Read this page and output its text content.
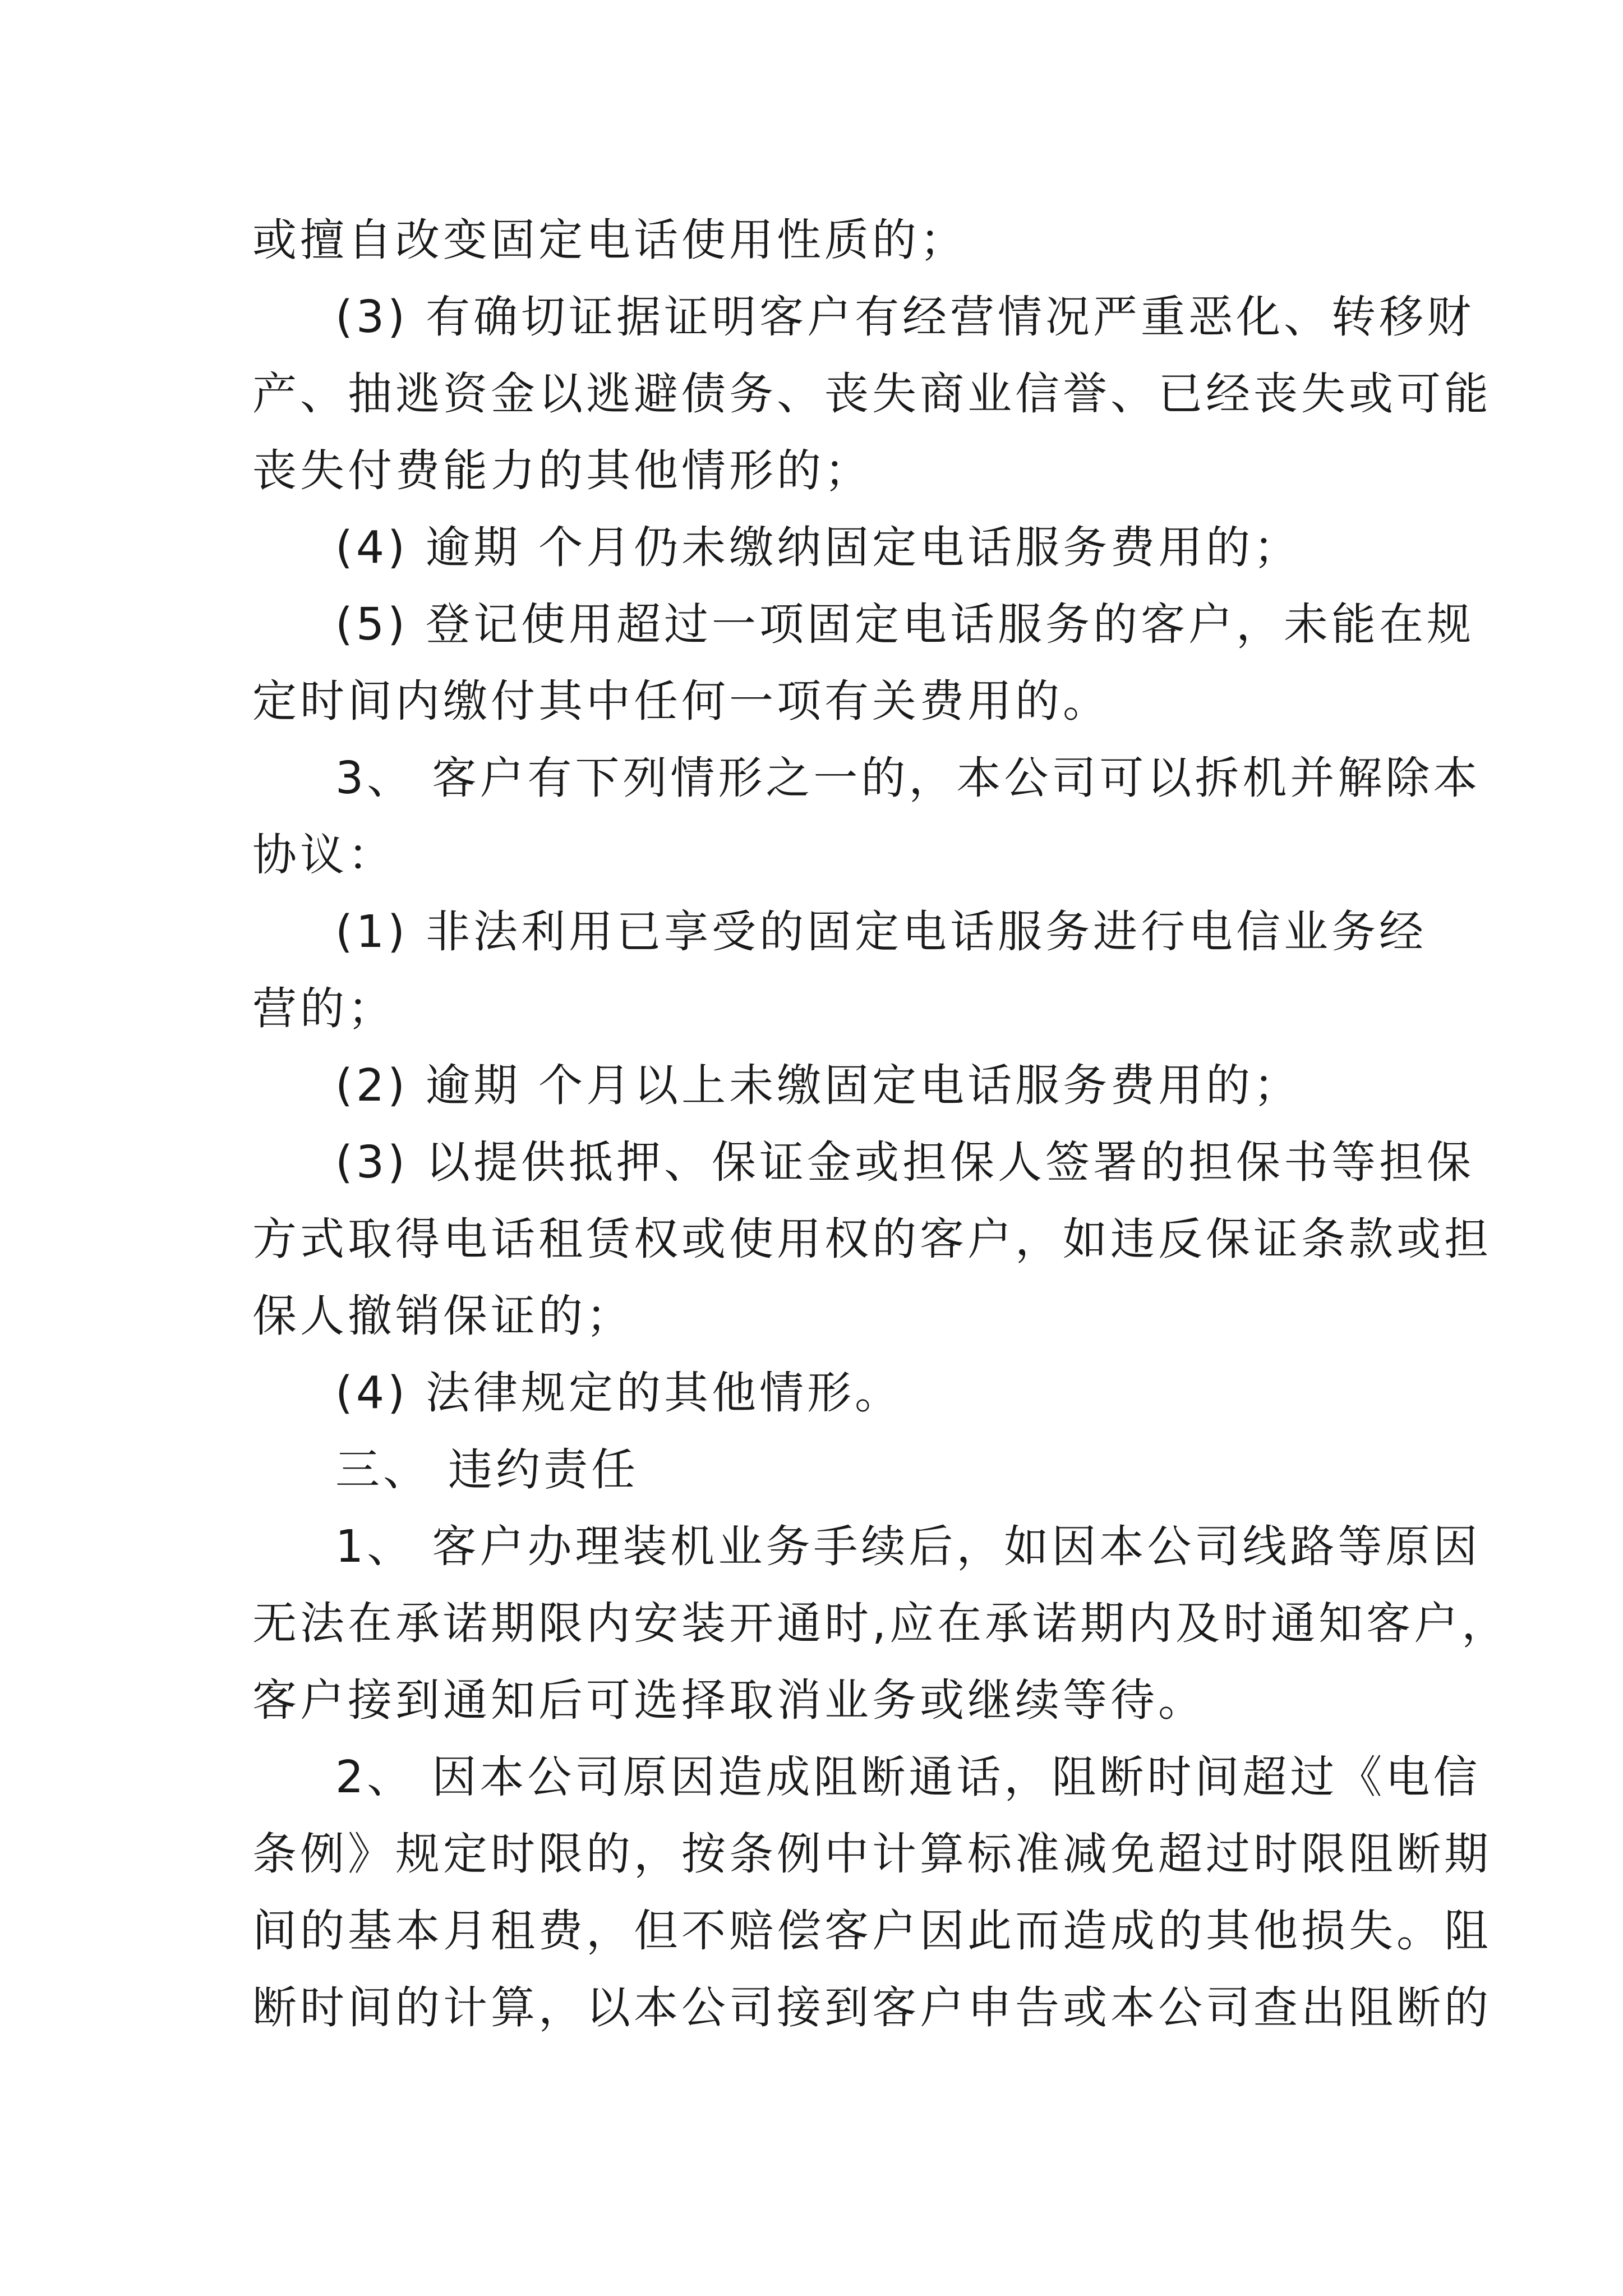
或擅自改变固定电话使用性质的；
(3) 有确切证据证明客户有经营情况严重恶化、转移财
产、抽逃资金以逃避债务、丧失商业信誉、已经丧失或可能
丧失付费能力的其他情形的；
(4) 逾期 个月仍未缴纳固定电话服务费用的；
(5) 登记使用超过一项固定电话服务的客户，未能在规
定时间内缴付其中任何一项有关费用的。
3、 客户有下列情形之一的，本公司可以拆机并解除本
协议：
(1) 非法利用已享受的固定电话服务进行电信业务经
营的；
(2) 逾期 个月以上未缴固定电话服务费用的；
(3) 以提供抵押、保证金或担保人签署的担保书等担保
方式取得电话租赁权或使用权的客户，如违反保证条款或担
保人撤销保证的；
(4) 法律规定的其他情形。
三、 违约责任
1、 客户办理装机业务手续后，如因本公司线路等原因
无法在承诺期限内安装开通时,应在承诺期内及时通知客户，
客户接到通知后可选择取消业务或继续等待。
2、 因本公司原因造成阻断通话，阻断时间超过《电信
条例》规定时限的，按条例中计算标准减免超过时限阻断期
间的基本月租费，但不赔偿客户因此而造成的其他损失。阻
断时间的计算，以本公司接到客户申告或本公司查出阻断的
